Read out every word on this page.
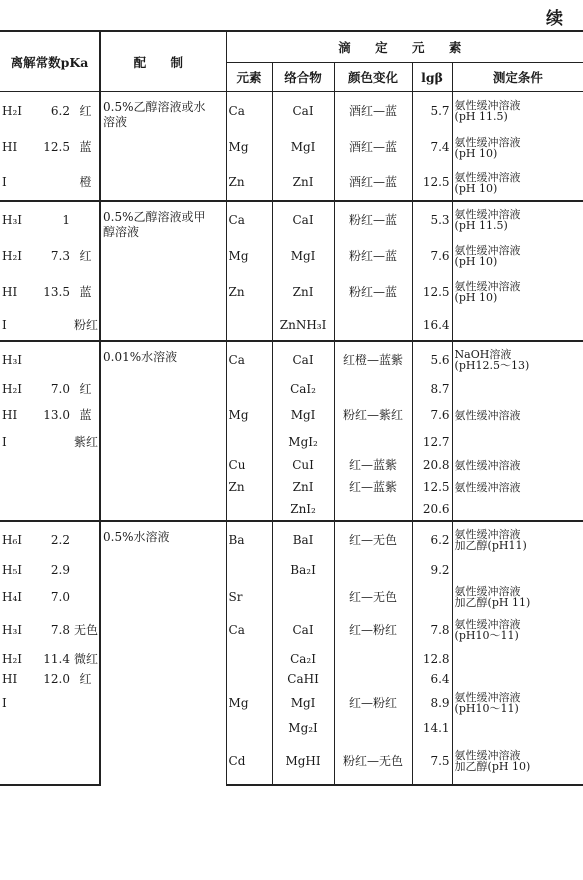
续
离解常数pKa			配 制	滴 定 元 素				
				元素	络合物	颜色变化	lgβ	测定条件
H₂I	6.2	红	0.5%乙醇溶液或水溶液	Ca	CaI	酒红—蓝	5.7	氨性缓冲溶液
(pH 11.5)

HI	12.5	蓝		Mg	MgI	酒红—蓝	7.4	氨性缓冲溶液
(pH 10)

I		橙		Zn	ZnI	酒红—蓝	12.5	氨性缓冲溶液
(pH 10)

H₃I	1		0.5%乙醇溶液或甲醇溶液	Ca	CaI	粉红—蓝	5.3	氨性缓冲溶液
(pH 11.5)

H₂I	7.3	红		Mg	MgI	粉红—蓝	7.6	氨性缓冲溶液
(pH 10)

HI	13.5	蓝		Zn	ZnI	粉红—蓝	12.5	氨性缓冲溶液
(pH 10)

I		粉红			ZnNH₃I		16.4	

H₃I			0.01%水溶液	Ca	CaI	红橙—蓝紫	5.6	NaOH溶液
(pH12.5～13)

H₂I	7.0	红			CaI₂		8.7	

HI	13.0	蓝		Mg	MgI	粉红—紫红	7.6	氨性缓冲溶液

I		紫红			MgI₂		12.7	

				Cu	CuI	红—蓝紫	20.8	氨性缓冲溶液

				Zn	ZnI	红—蓝紫	12.5	氨性缓冲溶液

					ZnI₂		20.6	

H₆I	2.2		0.5%水溶液	Ba	BaI	红—无色	6.2	氨性缓冲溶液
加乙醇(pH11)

H₅I	2.9				Ba₂I		9.2	

H₄I	7.0			Sr		红—无色		氨性缓冲溶液
加乙醇(pH 11)

H₃I	7.8	无色		Ca	CaI	红—粉红	7.8	氨性缓冲溶液
(pH10～11)

H₂I	11.4	微红			Ca₂I		12.8	

HI	12.0	红			CaHI		6.4	

I				Mg	MgI	红—粉红	8.9	氨性缓冲溶液
(pH10～11)

					Mg₂I		14.1	

				Cd	MgHI	粉红—无色	7.5	氨性缓冲溶液
加乙醇(pH 10)
